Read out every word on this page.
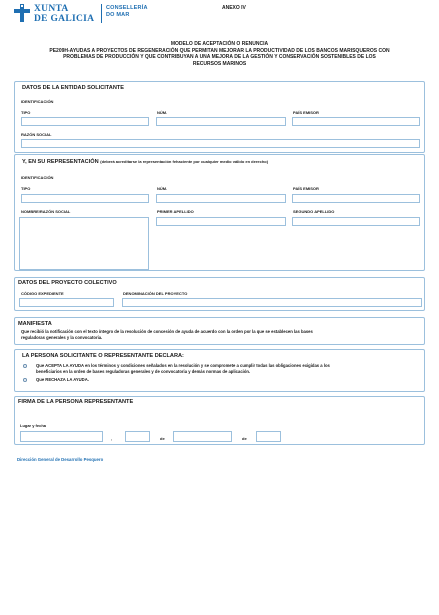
XUNTA
DE GALICIA
CONSELLERÍA
DO MAR
ANEXO IV
MODELO DE ACEPTACIÓN O RENUNCIA
PE209H-AYUDAS A PROYECTOS DE REGENERACIÓN QUE PERMITAN MEJORAR LA PRODUCTIVIDAD DE LOS BANCOS MARISQUEROS CON
PROBLEMAS DE PRODUCCIÓN Y QUE CONTRIBUYAN A UNA MEJORA DE LA GESTIÓN Y CONSERVACIÓN SOSTENIBLES DE LOS
RECURSOS MARINOS
DATOS DE LA ENTIDAD SOLICITANTE
IDENTIFICACIÓN
TIPO	NÚM.	PAÍS EMISOR
RAZÓN SOCIAL
Y, EN SU REPRESENTACIÓN (deberá acreditarse la representación fehaciente por cualquier medio válido en derecho)
IDENTIFICACIÓN
TIPO	NÚM.	PAÍS EMISOR
NOMBRE/RAZÓN SOCIAL	PRIMER APELLIDO	SEGUNDO APELLIDO
DATOS DEL PROYECTO COLECTIVO
CÓDIGO EXPEDIENTE	DENOMINACIÓN DEL PROYECTO
MANIFIESTA
Que recibió la notificación con el texto íntegro de la resolución de concesión de ayuda de acuerdo con la orden por la que se establecen las bases
reguladoras generales y la convocatoria.
LA PERSONA SOLICITANTE O REPRESENTANTE DECLARA:
Que ACEPTA LA AYUDA en los términos y condiciones señalados en la resolución y se compromete a cumplir todas las obligaciones exigidas a los
beneficiarios en la orden de bases reguladoras generales y de convocatoria y demás normas de aplicación.
Que RECHAZA LA AYUDA.
FIRMA DE LA PERSONA REPRESENTANTE
Lugar y fecha
,	de	de
Dirección General de Desarrollo Pesquero
